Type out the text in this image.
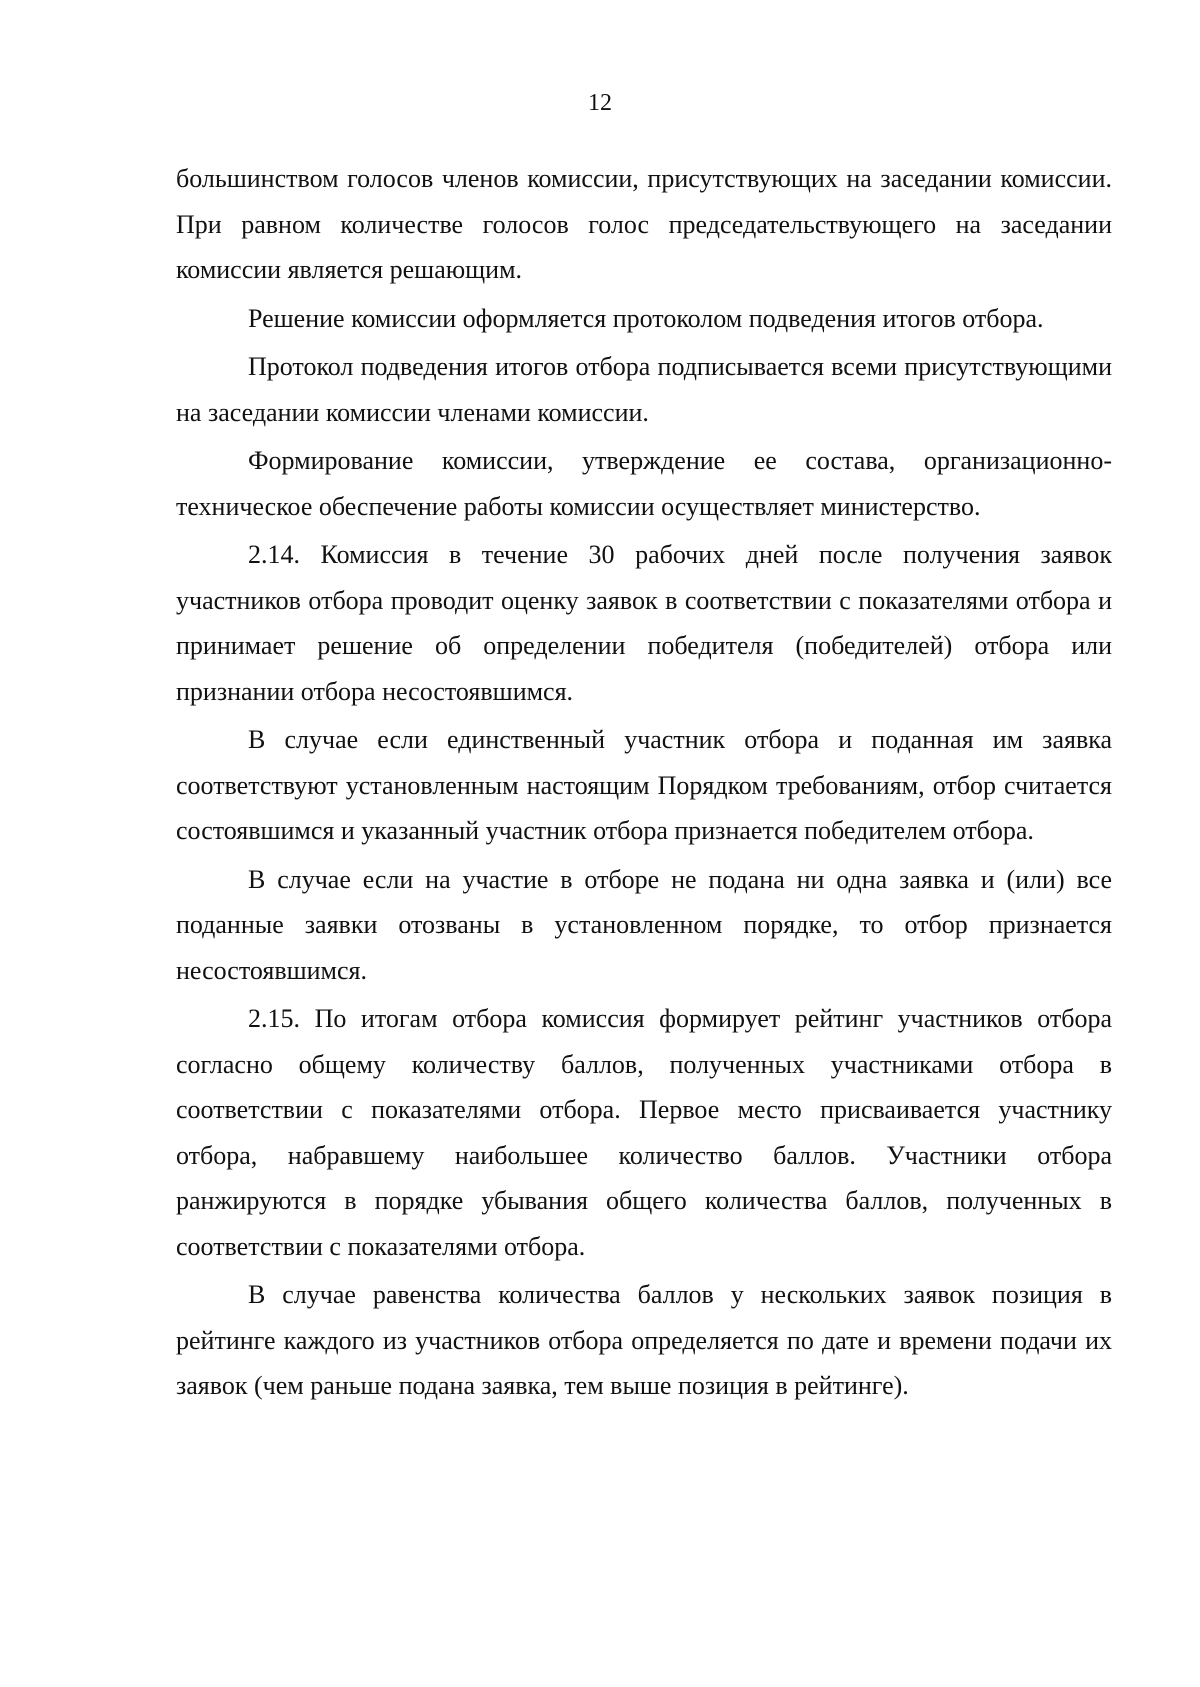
12

большинством голосов членов комиссии, присутствующих на заседании комиссии. При равном количестве голосов голос председательствующего на заседании комиссии является решающим.

Решение комиссии оформляется протоколом подведения итогов отбора.

Протокол подведения итогов отбора подписывается всеми присутствующими на заседании комиссии членами комиссии.

Формирование комиссии, утверждение ее состава, организационно-техническое обеспечение работы комиссии осуществляет министерство.

2.14. Комиссия в течение 30 рабочих дней после получения заявок участников отбора проводит оценку заявок в соответствии с показателями отбора и принимает решение об определении победителя (победителей) отбора или признании отбора несостоявшимся.

В случае если единственный участник отбора и поданная им заявка соответствуют установленным настоящим Порядком требованиям, отбор считается состоявшимся и указанный участник отбора признается победителем отбора.

В случае если на участие в отборе не подана ни одна заявка и (или) все поданные заявки отозваны в установленном порядке, то отбор признается несостоявшимся.

2.15. По итогам отбора комиссия формирует рейтинг участников отбора согласно общему количеству баллов, полученных участниками отбора в соответствии с показателями отбора. Первое место присваивается участнику отбора, набравшему наибольшее количество баллов. Участники отбора ранжируются в порядке убывания общего количества баллов, полученных в соответствии с показателями отбора.

В случае равенства количества баллов у нескольких заявок позиция в рейтинге каждого из участников отбора определяется по дате и времени подачи их заявок (чем раньше подана заявка, тем выше позиция в рейтинге).
